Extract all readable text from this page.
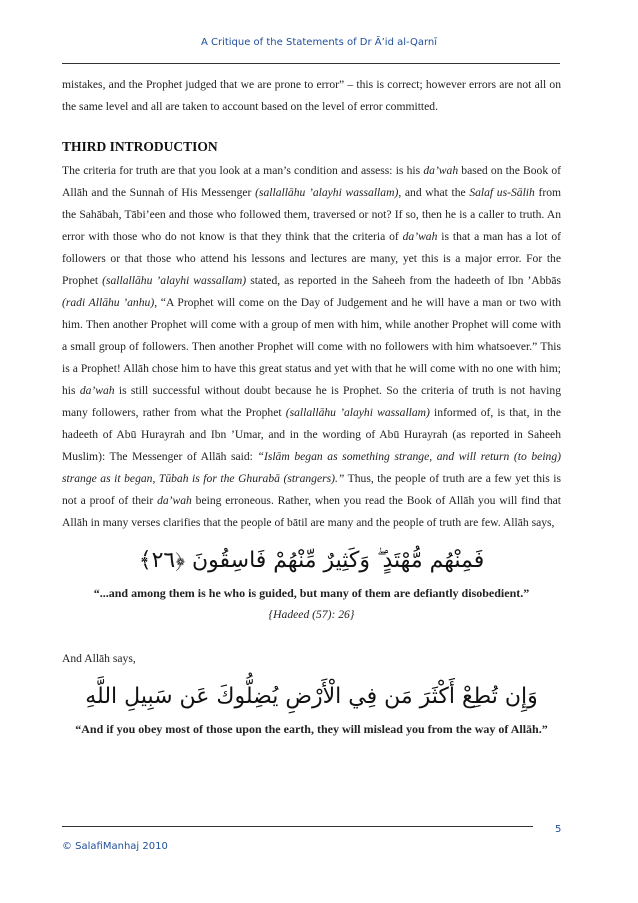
A Critique of the Statements of Dr Ā’id al-Qarnī

mistakes, and the Prophet judged that we are prone to error” – this is correct; however errors are not all on the same level and all are taken to account based on the level of error committed.

THIRD INTRODUCTION

The criteria for truth are that you look at a man’s condition and assess: is his da’wah based on the Book of Allāh and the Sunnah of His Messenger (sallallāhu ’alayhi wassallam), and what the Salaf us-Sālih from the Sahābah, Tābi’een and those who followed them, traversed or not? If so, then he is a caller to truth. An error with those who do not know is that they think that the criteria of da’wah is that a man has a lot of followers or that those who attend his lessons and lectures are many, yet this is a major error. For the Prophet (sallallāhu ’alayhi wassallam) stated, as reported in the Saheeh from the hadeeth of Ibn ’Abbās (radi Allāhu ’anhu), “A Prophet will come on the Day of Judgement and he will have a man or two with him. Then another Prophet will come with a group of men with him, while another Prophet will come with a small group of followers. Then another Prophet will come with no followers with him whatsoever.” This is a Prophet! Allāh chose him to have this great status and yet with that he will come with no one with him; his da’wah is still successful without doubt because he is Prophet. So the criteria of truth is not having many followers, rather from what the Prophet (sallallāhu ’alayhi wassallam) informed of, is that, in the hadeeth of Abū Hurayrah and Ibn ’Umar, and in the wording of Abū Hurayrah (as reported in Saheeh Muslim): The Messenger of Allāh said: “Islām began as something strange, and will return (to being) strange as it began, Tūbah is for the Ghurabā (strangers).” Thus, the people of truth are a few yet this is not a proof of their da’wah being erroneous. Rather, when you read the Book of Allāh you will find that Allāh in many verses clarifies that the people of bātil are many and the people of truth are few. Allāh says,

فَمِنْهُم مُّهْتَدٍ ۖ وَكَثِيرٌ مِّنْهُمْ فَاسِقُونَ ﴿٢٦﴾

“...and among them is he who is guided, but many of them are defiantly disobedient.”

{Hadeed (57): 26}

And Allāh says,

وَإِن تُطِعْ أَكْثَرَ مَن فِي الْأَرْضِ يُضِلُّوكَ عَن سَبِيلِ اللَّهِ

“And if you obey most of those upon the earth, they will mislead you from the way of Allāh.”

5
© SalafiManhaj 2010
